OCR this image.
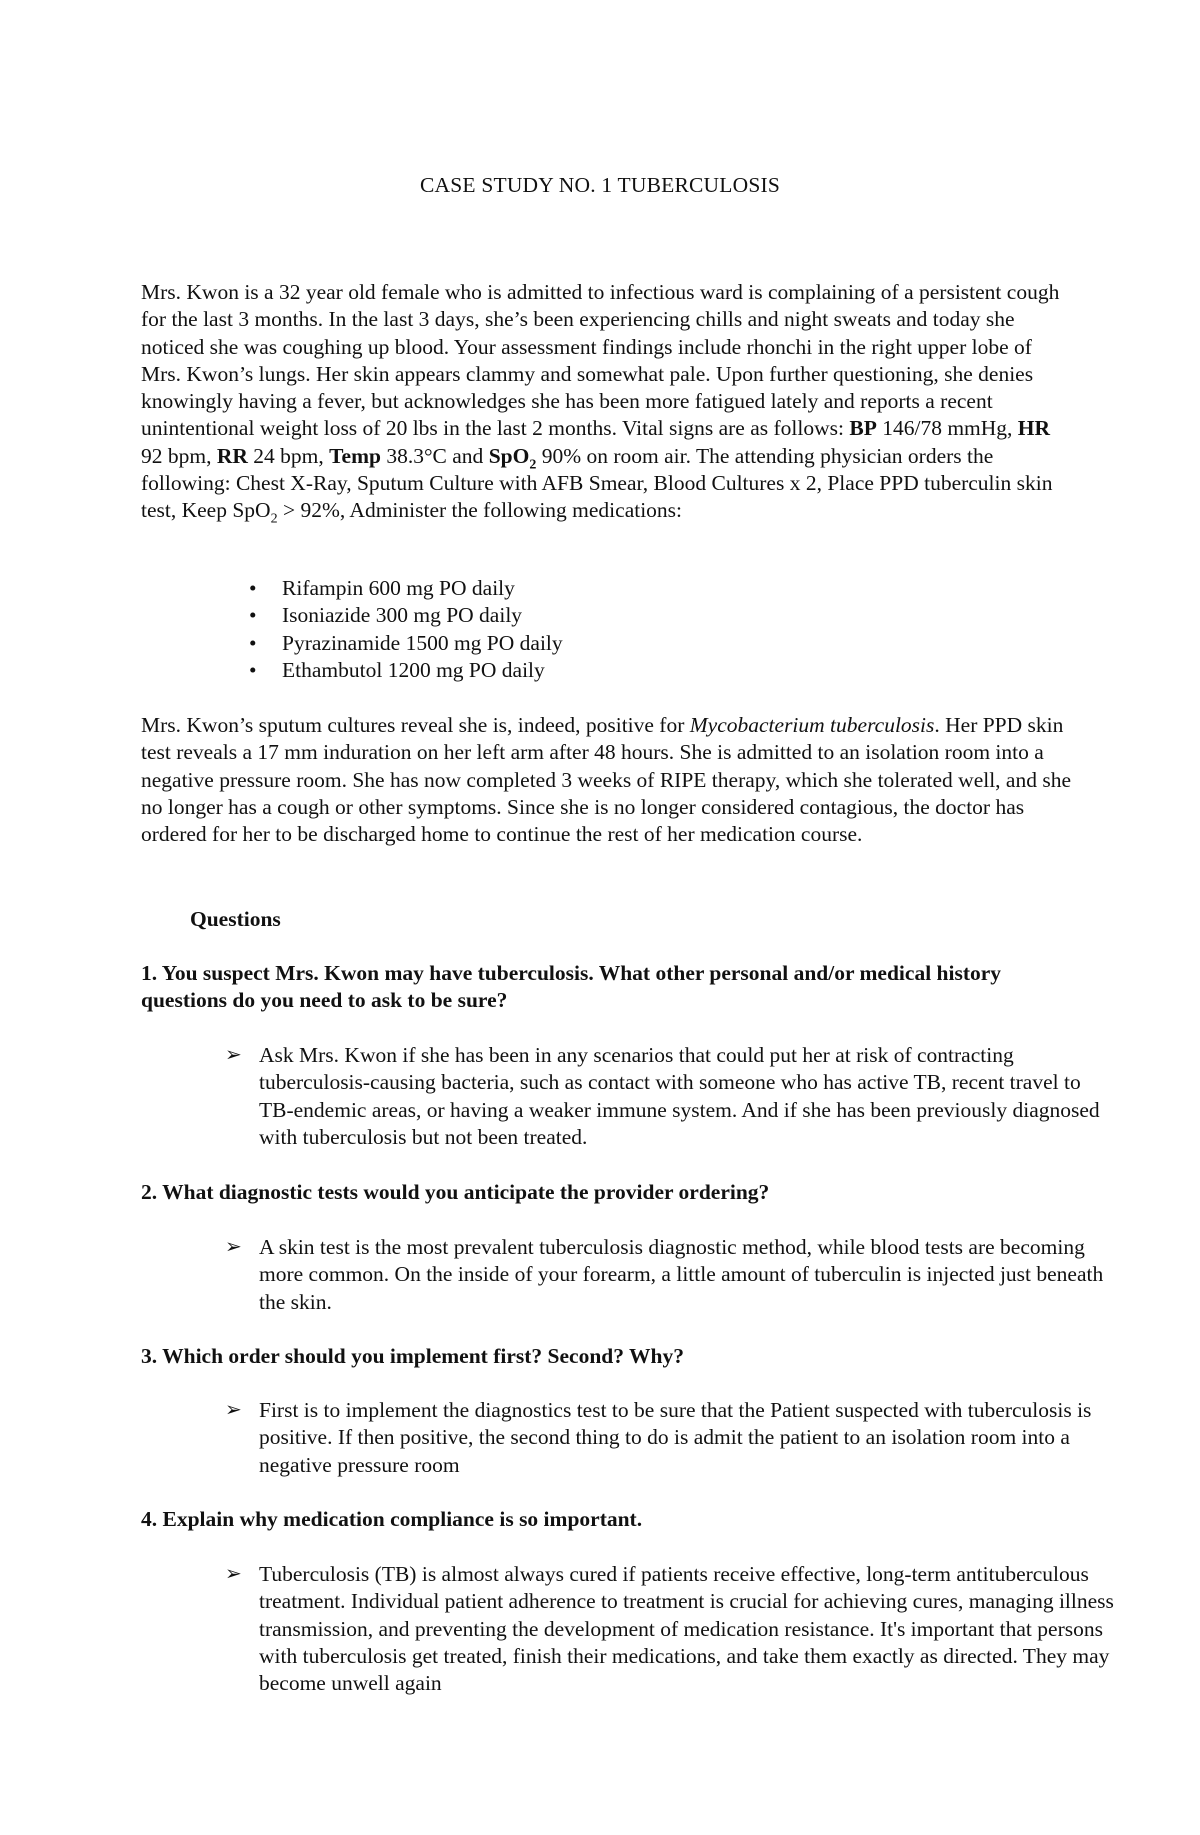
CASE STUDY NO. 1 TUBERCULOSIS

Mrs. Kwon is a 32 year old female who is admitted to infectious ward is complaining of a persistent cough for the last 3 months. In the last 3 days, she’s been experiencing chills and night sweats and today she noticed she was coughing up blood. Your assessment findings include rhonchi in the right upper lobe of Mrs. Kwon’s lungs. Her skin appears clammy and somewhat pale. Upon further questioning, she denies knowingly having a fever, but acknowledges she has been more fatigued lately and reports a recent unintentional weight loss of 20 lbs in the last 2 months. Vital signs are as follows: BP 146/78 mmHg, HR 92 bpm, RR 24 bpm, Temp 38.3°C and SpO$_2$ 90% on room air. The attending physician orders the following: Chest X-Ray, Sputum Culture with AFB Smear, Blood Cultures x 2, Place PPD tuberculin skin test, Keep SpO$_2$ > 92%, Administer the following medications:

• Rifampin 600 mg PO daily
• Isoniazide 300 mg PO daily
• Pyrazinamide 1500 mg PO daily
• Ethambutol 1200 mg PO daily

Mrs. Kwon’s sputum cultures reveal she is, indeed, positive for Mycobacterium tuberculosis. Her PPD skin test reveals a 17 mm induration on her left arm after 48 hours. She is admitted to an isolation room into a negative pressure room. She has now completed 3 weeks of RIPE therapy, which she tolerated well, and she no longer has a cough or other symptoms. Since she is no longer considered contagious, the doctor has ordered for her to be discharged home to continue the rest of her medication course.

Questions

1. You suspect Mrs. Kwon may have tuberculosis. What other personal and/or medical history questions do you need to ask to be sure?

➢ Ask Mrs. Kwon if she has been in any scenarios that could put her at risk of contracting tuberculosis-causing bacteria, such as contact with someone who has active TB, recent travel to TB-endemic areas, or having a weaker immune system. And if she has been previously diagnosed with tuberculosis but not been treated.

2. What diagnostic tests would you anticipate the provider ordering?

➢ A skin test is the most prevalent tuberculosis diagnostic method, while blood tests are becoming more common. On the inside of your forearm, a little amount of tuberculin is injected just beneath the skin.

3. Which order should you implement first? Second? Why?

➢ First is to implement the diagnostics test to be sure that the Patient suspected with tuberculosis is positive. If then positive, the second thing to do is admit the patient to an isolation room into a negative pressure room

4. Explain why medication compliance is so important.

➢ Tuberculosis (TB) is almost always cured if patients receive effective, long-term antituberculous treatment. Individual patient adherence to treatment is crucial for achieving cures, managing illness transmission, and preventing the development of medication resistance. It's important that persons with tuberculosis get treated, finish their medications, and take them exactly as directed. They may become unwell again
